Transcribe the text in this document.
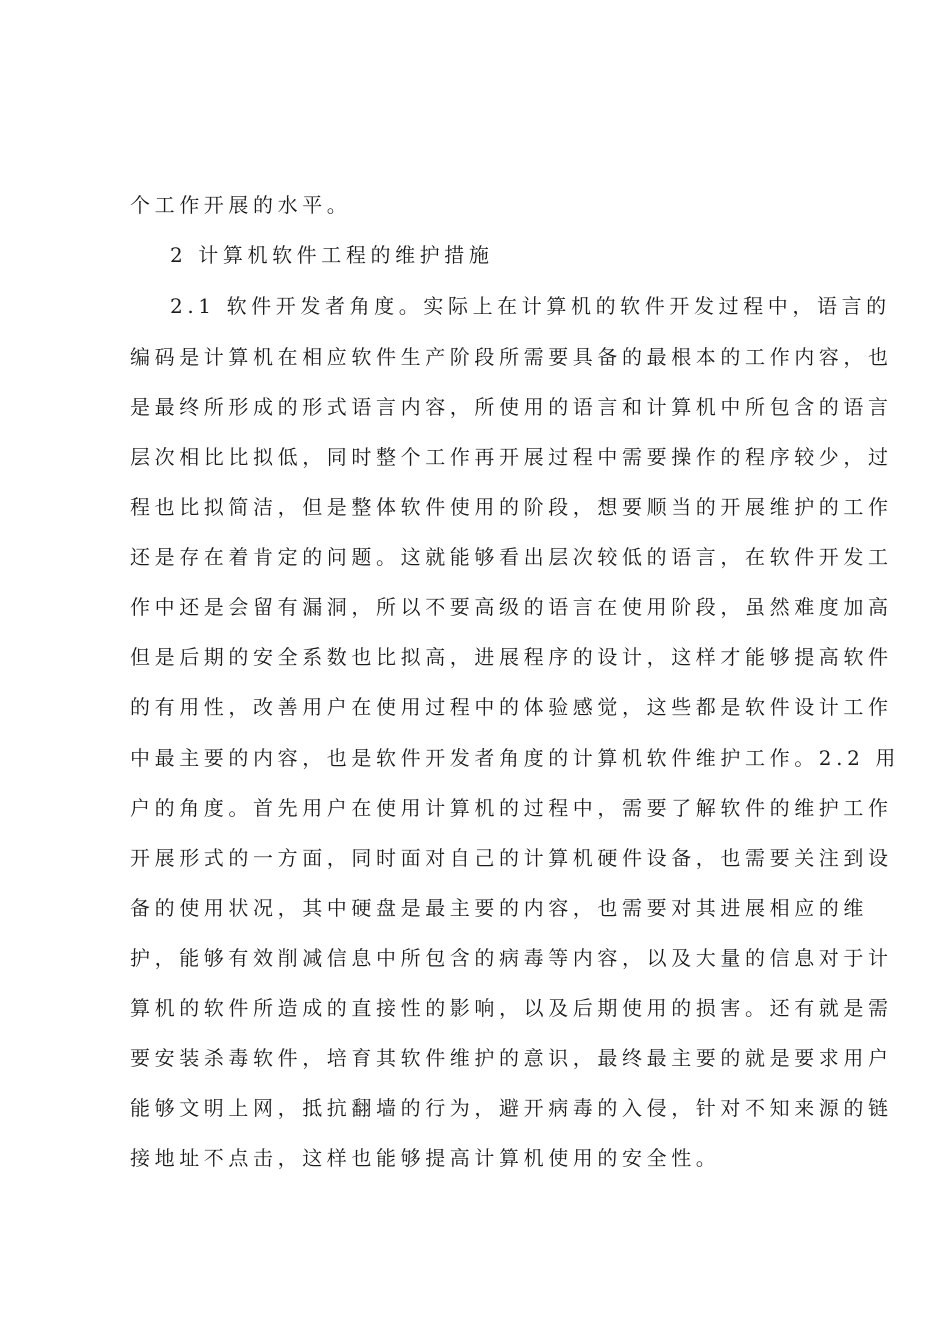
个工作开展的水平。
2 计算机软件工程的维护措施
2.1 软件开发者角度。实际上在计算机的软件开发过程中，语言的
编码是计算机在相应软件生产阶段所需要具备的最根本的工作内容，也
是最终所形成的形式语言内容，所使用的语言和计算机中所包含的语言
层次相比比拟低，同时整个工作再开展过程中需要操作的程序较少，过
程也比拟简洁，但是整体软件使用的阶段，想要顺当的开展维护的工作
还是存在着肯定的问题。这就能够看出层次较低的语言，在软件开发工
作中还是会留有漏洞，所以不要高级的语言在使用阶段，虽然难度加高
但是后期的安全系数也比拟高，进展程序的设计，这样才能够提高软件
的有用性，改善用户在使用过程中的体验感觉，这些都是软件设计工作
中最主要的内容，也是软件开发者角度的计算机软件维护工作。2.2 用
户的角度。首先用户在使用计算机的过程中，需要了解软件的维护工作
开展形式的一方面，同时面对自己的计算机硬件设备，也需要关注到设
备的使用状况，其中硬盘是最主要的内容，也需要对其进展相应的维
护，能够有效削减信息中所包含的病毒等内容，以及大量的信息对于计
算机的软件所造成的直接性的影响，以及后期使用的损害。还有就是需
要安装杀毒软件，培育其软件维护的意识，最终最主要的就是要求用户
能够文明上网，抵抗翻墙的行为，避开病毒的入侵，针对不知来源的链
接地址不点击，这样也能够提高计算机使用的安全性。
